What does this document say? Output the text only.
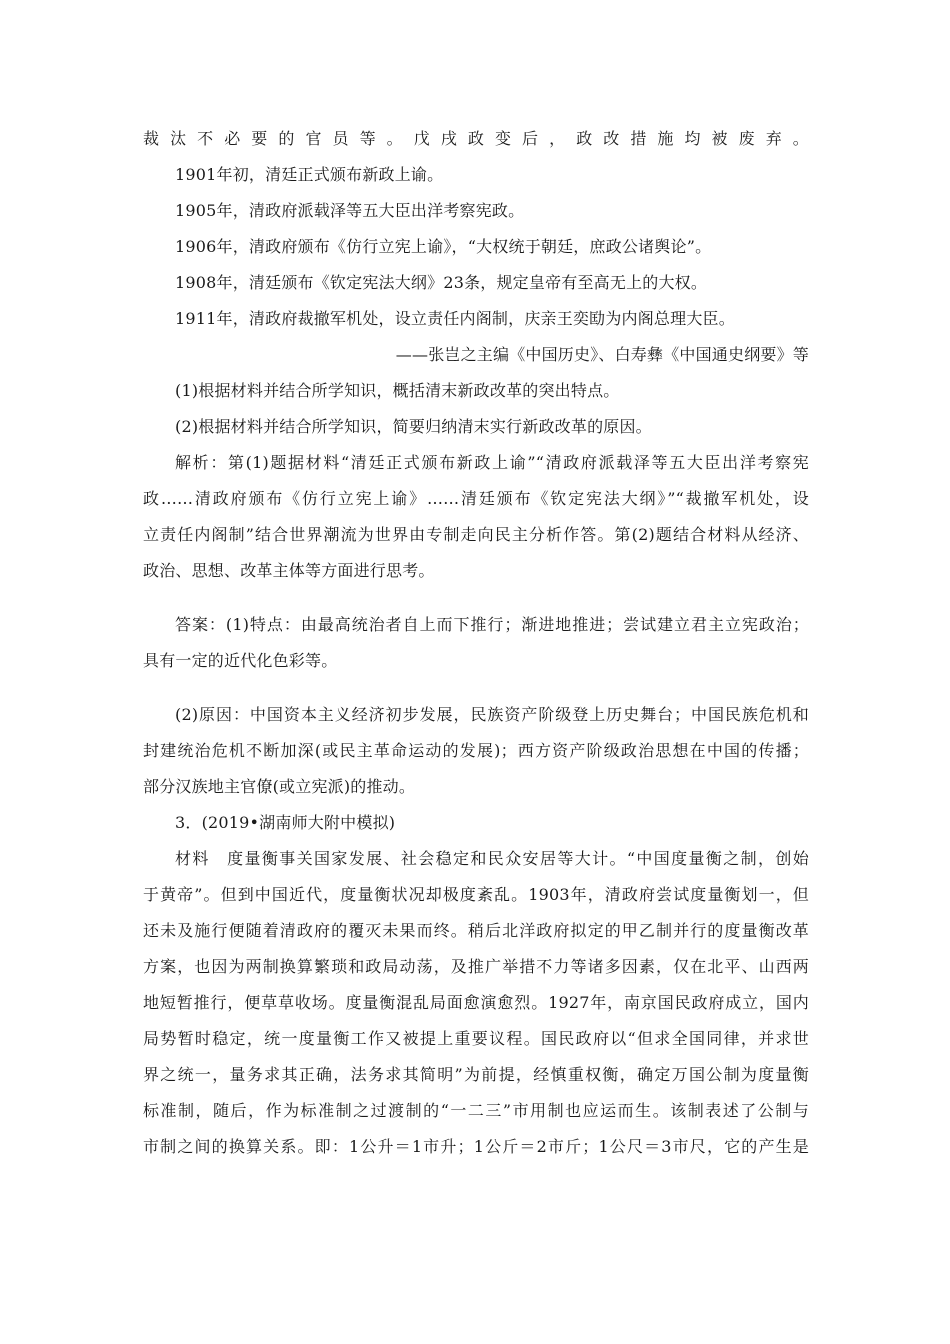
裁汰不必要的官员等。戊戌政变后，政改措施均被废弃。
1901年初，清廷正式颁布新政上谕。
1905年，清政府派载泽等五大臣出洋考察宪政。
1906年，清政府颁布《仿行立宪上谕》，“大权统于朝廷，庶政公诸舆论”。
1908年，清廷颁布《钦定宪法大纲》23条，规定皇帝有至高无上的大权。
1911年，清政府裁撤军机处，设立责任内阁制，庆亲王奕劻为内阁总理大臣。
——张岂之主编《中国历史》、白寿彝《中国通史纲要》等
(1)根据材料并结合所学知识，概括清末新政改革的突出特点。
(2)根据材料并结合所学知识，简要归纳清末实行新政改革的原因。
解析：第(1)题据材料“清廷正式颁布新政上谕”“清政府派载泽等五大臣出洋考察宪
政……清政府颁布《仿行立宪上谕》……清廷颁布《钦定宪法大纲》”“裁撤军机处，设
立责任内阁制”结合世界潮流为世界由专制走向民主分析作答。第(2)题结合材料从经济、
政治、思想、改革主体等方面进行思考。
答案：(1)特点：由最高统治者自上而下推行；渐进地推进；尝试建立君主立宪政治；
具有一定的近代化色彩等。
(2)原因：中国资本主义经济初步发展，民族资产阶级登上历史舞台；中国民族危机和
封建统治危机不断加深(或民主革命运动的发展)；西方资产阶级政治思想在中国的传播；
部分汉族地主官僚(或立宪派)的推动。
3．(2019•湖南师大附中模拟)
材料　度量衡事关国家发展、社会稳定和民众安居等大计。“中国度量衡之制，创始
于黄帝”。但到中国近代，度量衡状况却极度紊乱。1903年，清政府尝试度量衡划一，但
还未及施行便随着清政府的覆灭未果而终。稍后北洋政府拟定的甲乙制并行的度量衡改革
方案，也因为两制换算繁琐和政局动荡，及推广举措不力等诸多因素，仅在北平、山西两
地短暂推行，便草草收场。度量衡混乱局面愈演愈烈。1927年，南京国民政府成立，国内
局势暂时稳定，统一度量衡工作又被提上重要议程。国民政府以“但求全国同律，并求世
界之统一，量务求其正确，法务求其简明”为前提，经慎重权衡，确定万国公制为度量衡
标准制，随后，作为标准制之过渡制的“一二三”市用制也应运而生。该制表述了公制与
市制之间的换算关系。即：1公升＝1市升；1公斤＝2市斤；1公尺＝3市尺，它的产生是
